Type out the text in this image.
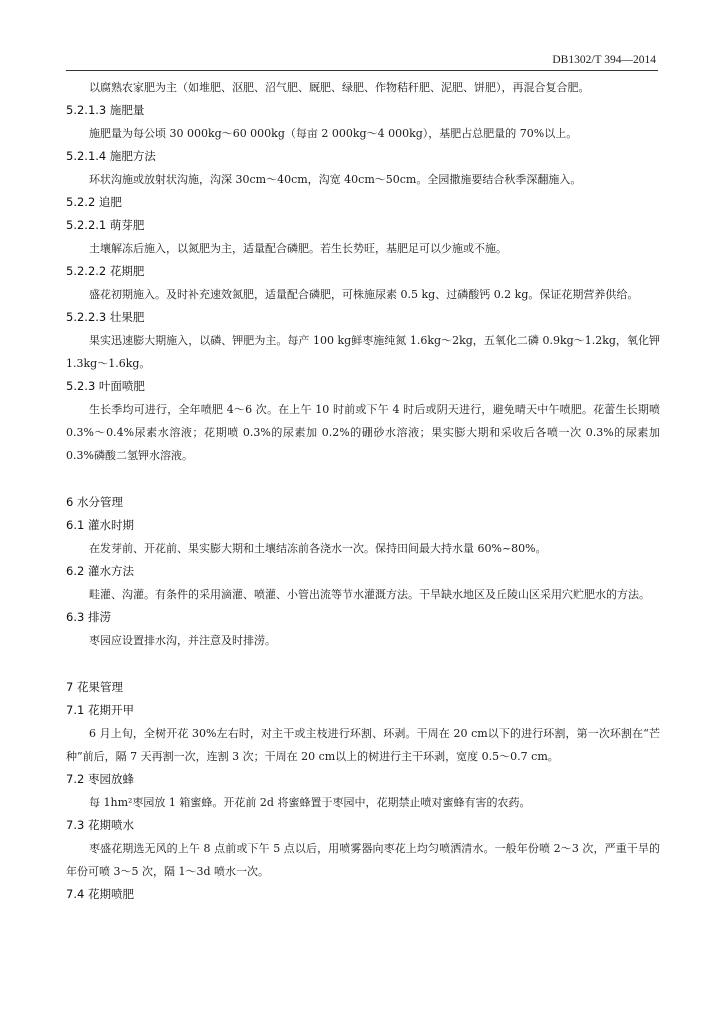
DB1302/T 394—2014
以腐熟农家肥为主（如堆肥、沤肥、沼气肥、厩肥、绿肥、作物秸秆肥、泥肥、饼肥），再混合复合肥。
5.2.1.3 施肥量
施肥量为每公顷 30 000kg～60 000kg（每亩 2 000kg～4 000kg），基肥占总肥量的 70%以上。
5.2.1.4 施肥方法
环状沟施或放射状沟施，沟深 30cm～40cm，沟宽 40cm～50cm。全园撒施要结合秋季深翻施入。
5.2.2 追肥
5.2.2.1 萌芽肥
土壤解冻后施入，以氮肥为主，适量配合磷肥。若生长势旺，基肥足可以少施或不施。
5.2.2.2 花期肥
盛花初期施入。及时补充速效氮肥，适量配合磷肥，可株施尿素 0.5 kg、过磷酸钙 0.2 kg。保证花期营养供给。
5.2.2.3 壮果肥
果实迅速膨大期施入，以磷、钾肥为主。每产 100 kg鲜枣施纯氮 1.6kg～2kg，五氧化二磷 0.9kg～1.2kg，氧化钾 1.3kg～1.6kg。
5.2.3 叶面喷肥
生长季均可进行，全年喷肥 4～6 次。在上午 10 时前或下午 4 时后或阴天进行，避免晴天中午喷肥。花蕾生长期喷 0.3%～0.4%尿素水溶液；花期喷 0.3%的尿素加 0.2%的硼砂水溶液；果实膨大期和采收后各喷一次 0.3%的尿素加 0.3%磷酸二氢钾水溶液。
6 水分管理
6.1 灌水时期
在发芽前、开花前、果实膨大期和土壤结冻前各浇水一次。保持田间最大持水量 60%~80%。
6.2 灌水方法
畦灌、沟灌。有条件的采用滴灌、喷灌、小管出流等节水灌溉方法。干旱缺水地区及丘陵山区采用穴贮肥水的方法。
6.3 排涝
枣园应设置排水沟，并注意及时排涝。
7 花果管理
7.1 花期开甲
6 月上旬，全树开花 30%左右时，对主干或主枝进行环割、环剥。干周在 20 cm以下的进行环割，第一次环割在“芒种”前后，隔 7 天再割一次，连割 3 次；干周在 20 cm以上的树进行主干环剥，宽度 0.5～0.7 cm。
7.2 枣园放蜂
每 1hm²枣园放 1 箱蜜蜂。开花前 2d 将蜜蜂置于枣园中，花期禁止喷对蜜蜂有害的农药。
7.3 花期喷水
枣盛花期选无风的上午 8 点前或下午 5 点以后，用喷雾器向枣花上均匀喷洒清水。一般年份喷 2～3 次，严重干旱的年份可喷 3～5 次，隔 1～3d 喷水一次。
7.4 花期喷肥
